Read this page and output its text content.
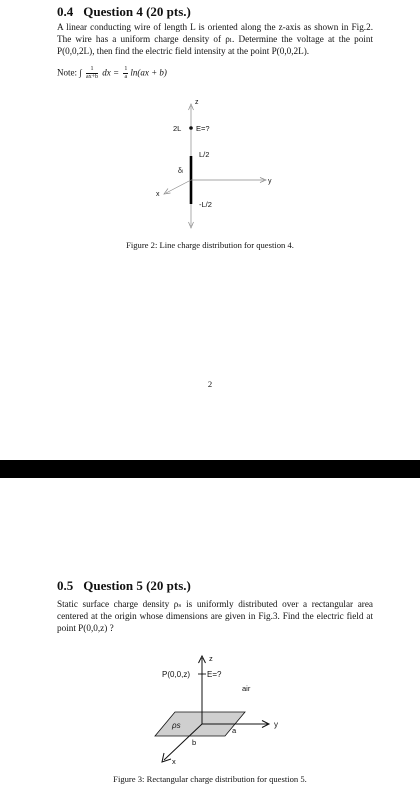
0.4 Question 4 (20 pts.)

A linear conducting wire of length L is oriented along the z-axis as shown in Fig.2. The wire has a uniform charge density of ρₗ. Determine the voltage at the point P(0,0,2L), then find the electric field intensity at the point P(0,0,2L).

Note: ∫ $\frac{1}{ax+b}$ dx = $\frac{1}{a} \ln(ax + b)$
z
2L E=?
L/2
δₗ
-L/2
y
x
Figure 2: Line charge distribution for question 4.
2
0.5 Question 5 (20 pts.)

Static surface charge density ρₛ is uniformly distributed over a rectangular area centered at the origin whose dimensions are given in Fig.3. Find the electric field at point P(0,0,z) ?

z
P(0,0,z) E=?
air
y
x
ρs
a
b
Figure 3: Rectangular charge distribution for question 5.
